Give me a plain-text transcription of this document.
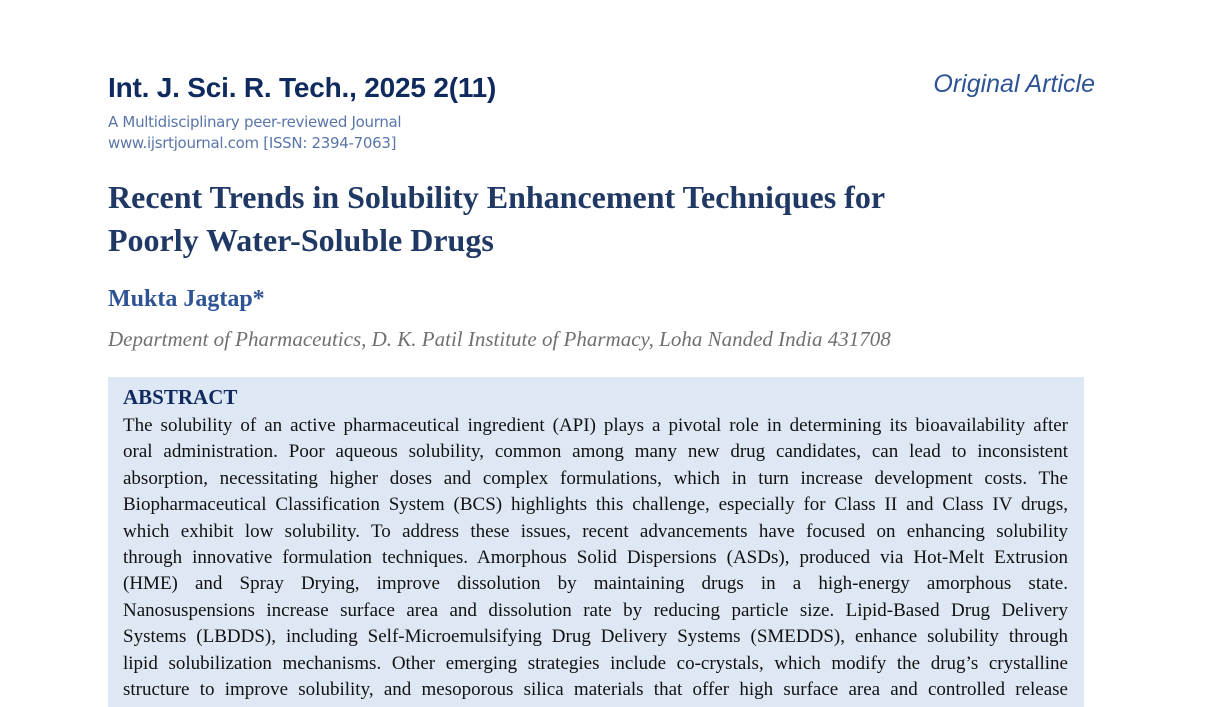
Int. J. Sci. R. Tech., 2025 2(11)
A Multidisciplinary peer-reviewed Journal
www.ijsrtjournal.com [ISSN: 2394-7063]
Original Article
Recent Trends in Solubility Enhancement Techniques for
Poorly Water-Soluble Drugs
Mukta Jagtap*
Department of Pharmaceutics, D. K. Patil Institute of Pharmacy, Loha Nanded India 431708
ABSTRACT
The solubility of an active pharmaceutical ingredient (API) plays a pivotal role in determining its bioavailability after
oral administration. Poor aqueous solubility, common among many new drug candidates, can lead to inconsistent
absorption, necessitating higher doses and complex formulations, which in turn increase development costs. The
Biopharmaceutical Classification System (BCS) highlights this challenge, especially for Class II and Class IV drugs,
which exhibit low solubility. To address these issues, recent advancements have focused on enhancing solubility
through innovative formulation techniques. Amorphous Solid Dispersions (ASDs), produced via Hot-Melt Extrusion
(HME) and Spray Drying, improve dissolution by maintaining drugs in a high-energy amorphous state.
Nanosuspensions increase surface area and dissolution rate by reducing particle size. Lipid-Based Drug Delivery
Systems (LBDDS), including Self-Microemulsifying Drug Delivery Systems (SMEDDS), enhance solubility through
lipid solubilization mechanisms. Other emerging strategies include co-crystals, which modify the drug’s crystalline
structure to improve solubility, and mesoporous silica materials that offer high surface area and controlled release
